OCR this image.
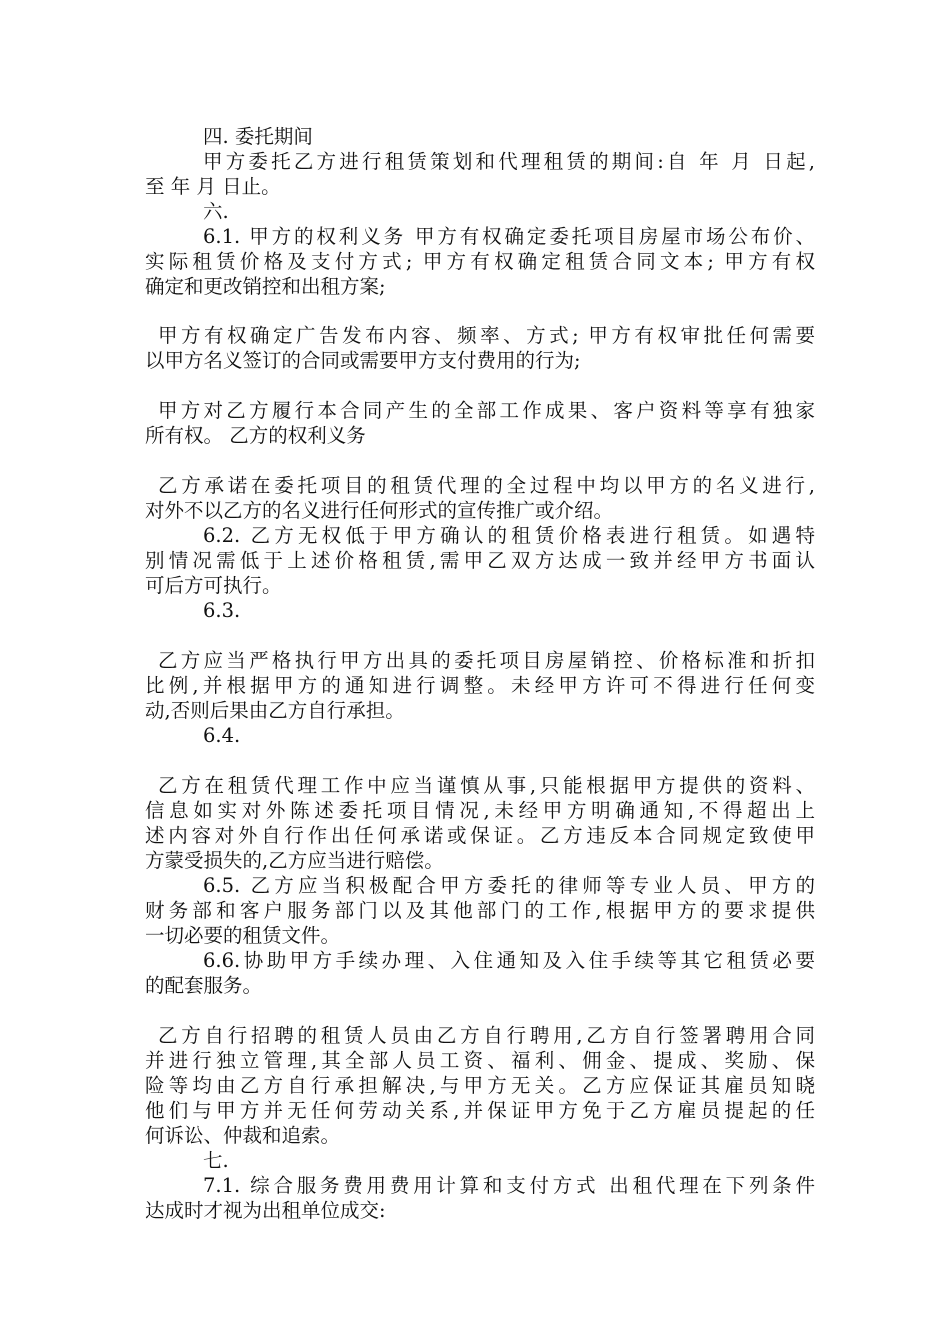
四. 委托期间
甲方委托乙方进行租赁策划和代理租赁的期间:自 年 月 日起,
至 年 月 日止。
六.
6.1. 甲方的权利义务 甲方有权确定委托项目房屋市场公布价、
实际租赁价格及支付方式; 甲方有权确定租赁合同文本; 甲方有权
确定和更改销控和出租方案;
甲方有权确定广告发布内容、频率、方式; 甲方有权审批任何需要
以甲方名义签订的合同或需要甲方支付费用的行为;
甲方对乙方履行本合同产生的全部工作成果、客户资料等享有独家
所有权。 乙方的权利义务
乙方承诺在委托项目的租赁代理的全过程中均以甲方的名义进行,
对外不以乙方的名义进行任何形式的宣传推广或介绍。
6.2. 乙方无权低于甲方确认的租赁价格表进行租赁。如遇特
别情况需低于上述价格租赁,需甲乙双方达成一致并经甲方书面认
可后方可执行。
6.3.
乙方应当严格执行甲方出具的委托项目房屋销控、价格标准和折扣
比例,并根据甲方的通知进行调整。未经甲方许可不得进行任何变
动,否则后果由乙方自行承担。
6.4.
乙方在租赁代理工作中应当谨慎从事,只能根据甲方提供的资料、
信息如实对外陈述委托项目情况,未经甲方明确通知,不得超出上
述内容对外自行作出任何承诺或保证。乙方违反本合同规定致使甲
方蒙受损失的,乙方应当进行赔偿。
6.5. 乙方应当积极配合甲方委托的律师等专业人员、甲方的
财务部和客户服务部门以及其他部门的工作,根据甲方的要求提供
一切必要的租赁文件。
6.6.协助甲方手续办理、入住通知及入住手续等其它租赁必要
的配套服务。
乙方自行招聘的租赁人员由乙方自行聘用,乙方自行签署聘用合同
并进行独立管理,其全部人员工资、福利、佣金、提成、奖励、保
险等均由乙方自行承担解决,与甲方无关。乙方应保证其雇员知晓
他们与甲方并无任何劳动关系,并保证甲方免于乙方雇员提起的任
何诉讼、仲裁和追索。
七.
7.1. 综合服务费用费用计算和支付方式 出租代理在下列条件
达成时才视为出租单位成交:
